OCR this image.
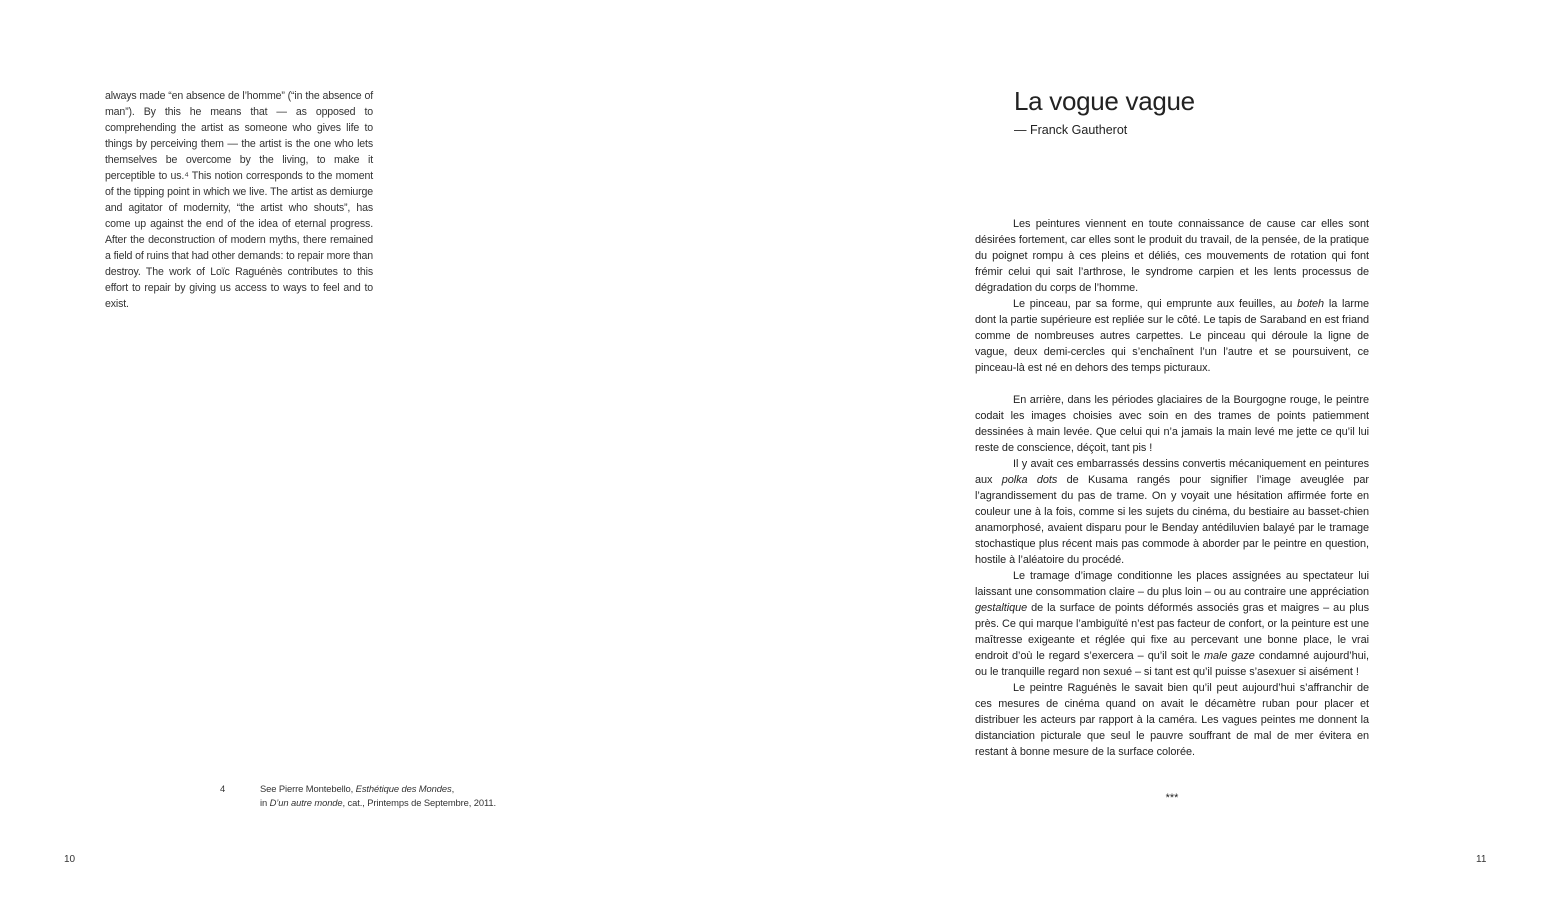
always made “en absence de l’homme” (“in the absence of man”). By this he means that — as opposed to comprehending the artist as someone who gives life to things by perceiving them — the artist is the one who lets themselves be overcome by the living, to make it perceptible to us.⁴ This notion corresponds to the moment of the tipping point in which we live. The artist as demiurge and agitator of modernity, “the artist who shouts”, has come up against the end of the idea of eternal progress. After the deconstruction of modern myths, there remained a field of ruins that had other demands: to repair more than destroy. The work of Loïc Raguénès contributes to this effort to repair by giving us access to ways to feel and to exist.

4	See Pierre Montebello, Esthétique des Mondes,
in D’un autre monde, cat., Printemps de Septembre, 2011.

10

La vogue vague

— Franck Gautherot

Les peintures viennent en toute connaissance de cause car elles sont désirées fortement, car elles sont le produit du travail, de la pensée, de la pratique du poignet rompu à ces pleins et déliés, ces mouvements de rotation qui font frémir celui qui sait l’arthrose, le syndrome carpien et les lents processus de dégradation du corps de l’homme.

Le pinceau, par sa forme, qui emprunte aux feuilles, au boteh la larme dont la partie supérieure est repliée sur le côté. Le tapis de Saraband en est friand comme de nombreuses autres carpettes. Le pinceau qui déroule la ligne de vague, deux demi-cercles qui s’enchaînent l’un l’autre et se poursuivent, ce pinceau-là est né en dehors des temps picturaux.

En arrière, dans les périodes glaciaires de la Bourgogne rouge, le peintre codait les images choisies avec soin en des trames de points patiemment dessinées à main levée. Que celui qui n’a jamais la main levé me jette ce qu’il lui reste de conscience, déçoit, tant pis !

Il y avait ces embarrassés dessins convertis mécaniquement en peintures aux polka dots de Kusama rangés pour signifier l’image aveuglée par l’agrandissement du pas de trame. On y voyait une hésitation affirmée forte en couleur une à la fois, comme si les sujets du cinéma, du bestiaire au basset-chien anamorphosé, avaient disparu pour le Benday antédiluvien balayé par le tramage stochastique plus récent mais pas commode à aborder par le peintre en question, hostile à l’aléatoire du procédé.

Le tramage d’image conditionne les places assignées au spectateur lui laissant une consommation claire – du plus loin – ou au contraire une appréciation gestaltique de la surface de points déformés associés gras et maigres – au plus près. Ce qui marque l’ambiguïté n’est pas facteur de confort, or la peinture est une maîtresse exigeante et réglée qui fixe au percevant une bonne place, le vrai endroit d’où le regard s’exercera – qu’il soit le male gaze condamné aujourd’hui, ou le tranquille regard non sexué – si tant est qu’il puisse s’asexuer si aisément !

Le peintre Raguénès le savait bien qu’il peut aujourd’hui s’affranchir de ces mesures de cinéma quand on avait le décamètre ruban pour placer et distribuer les acteurs par rapport à la caméra. Les vagues peintes me donnent la distanciation picturale que seul le pauvre souffrant de mal de mer évitera en restant à bonne mesure de la surface colorée.

***

11
